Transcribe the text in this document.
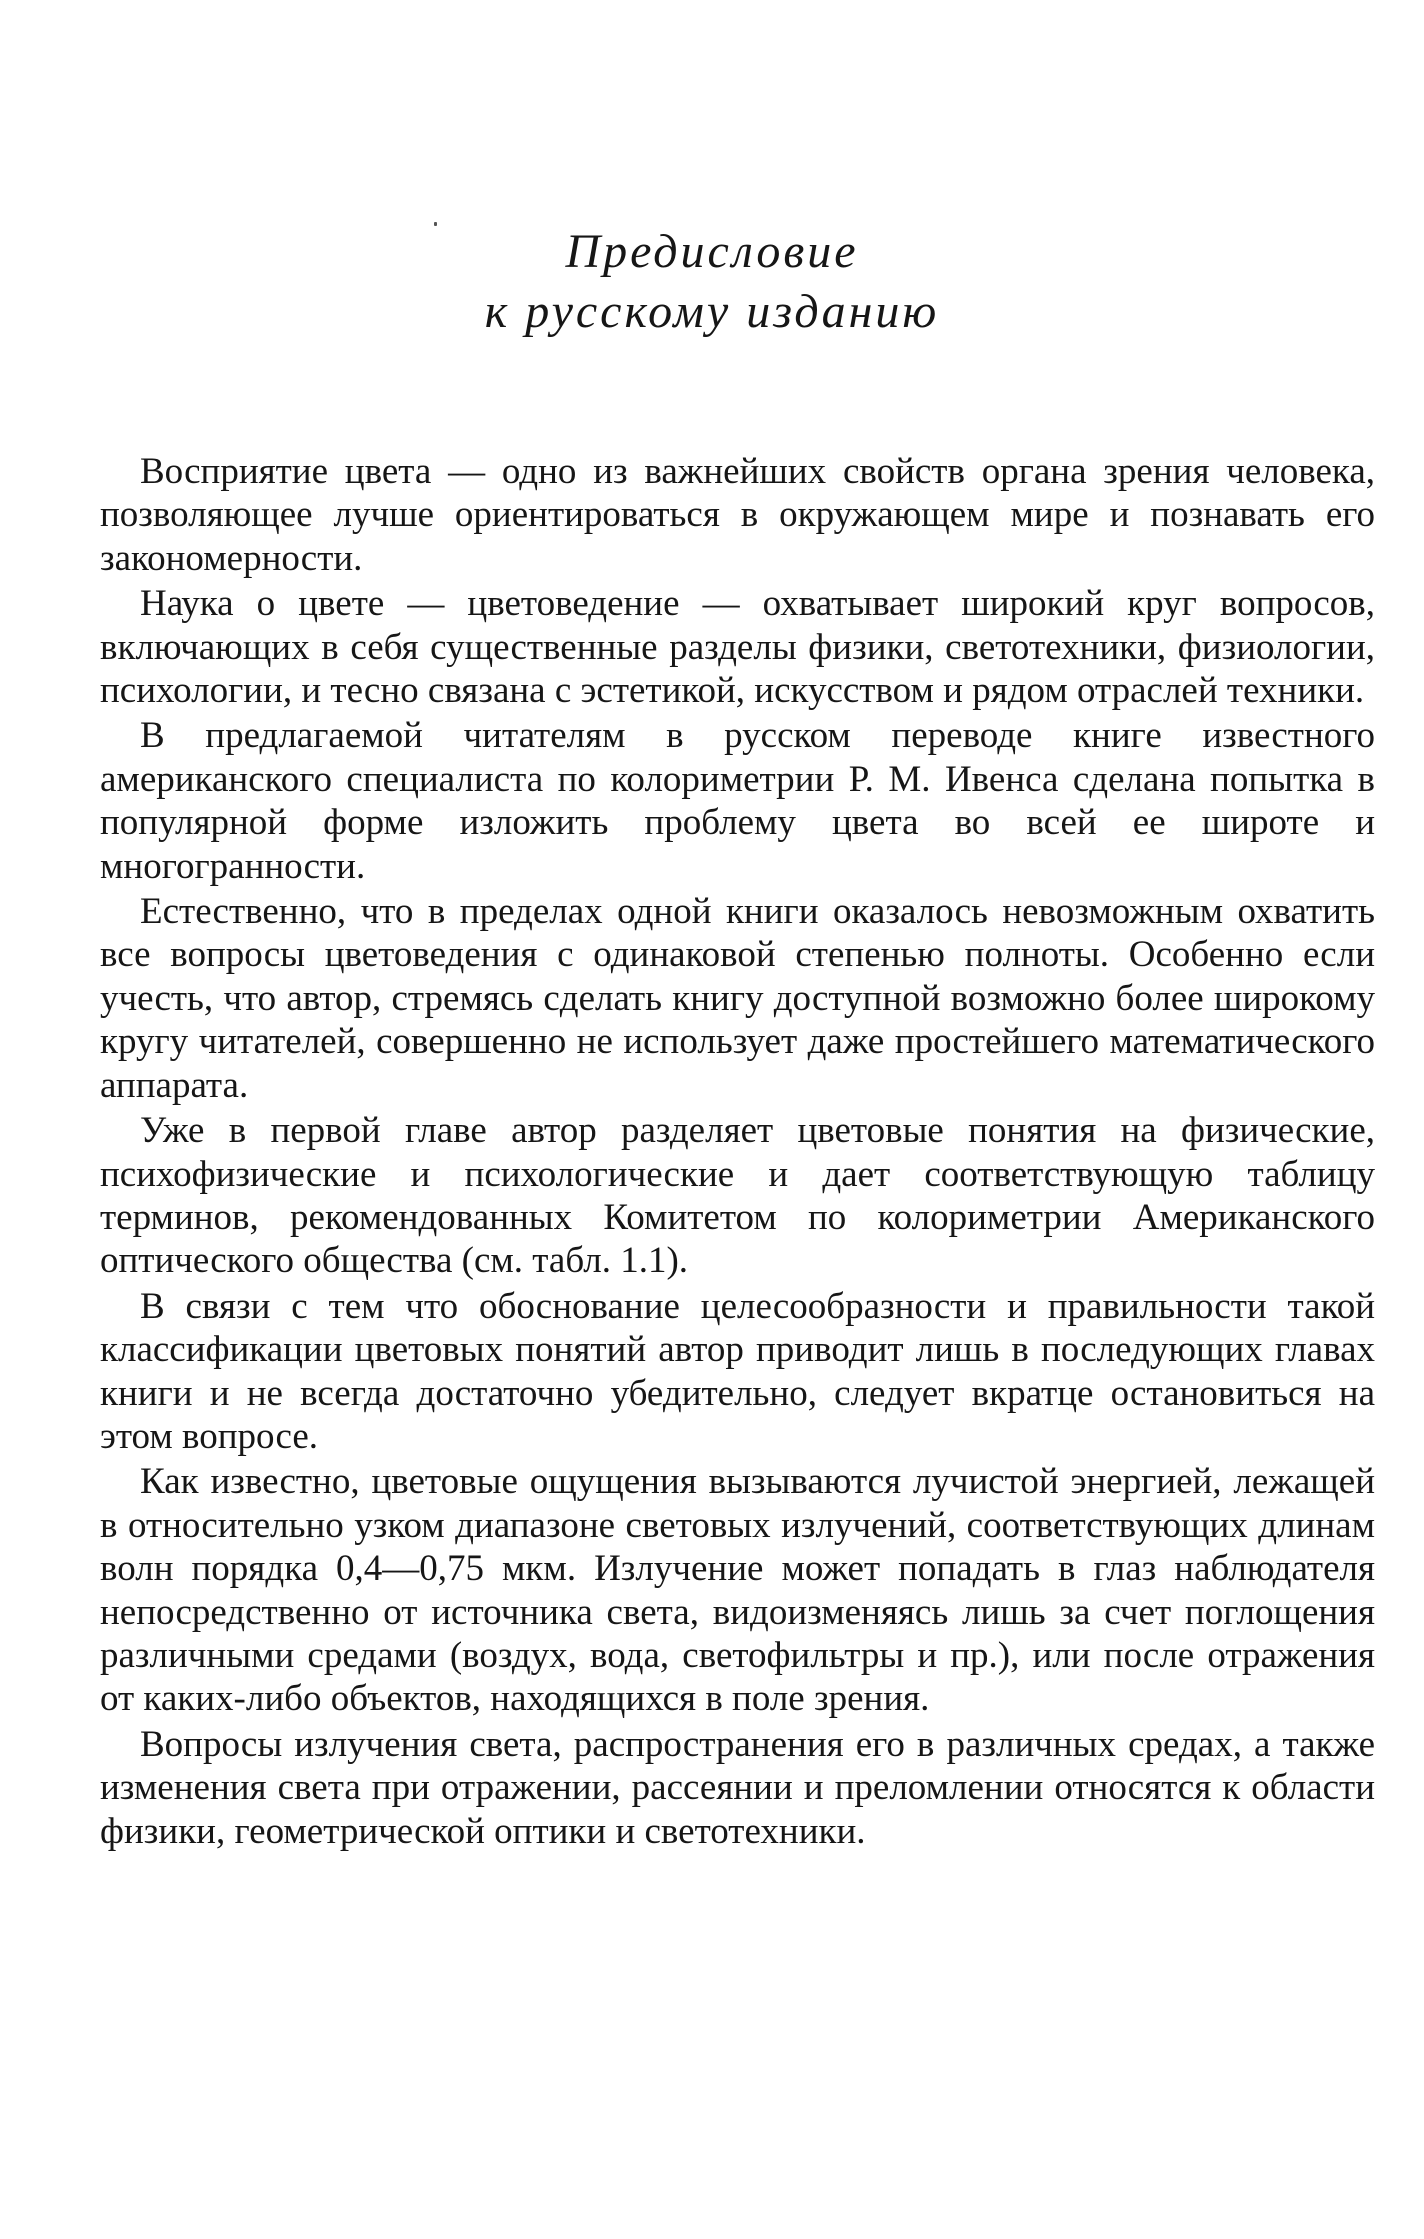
Предисловие
к русскому изданию

Восприятие цвета — одно из важнейших свойств органа зрения человека, позволяющее лучше ориентироваться в окружающем мире и познавать его закономерности.

Наука о цвете — цветоведение — охватывает широкий круг вопросов, включающих в себя существенные разделы физики, светотехники, физиологии, психологии, и тесно связана с эстетикой, искусством и рядом отраслей техники.

В предлагаемой читателям в русском переводе книге известного американского специалиста по колориметрии Р. М. Ивенса сделана попытка в популярной форме изложить проблему цвета во всей ее широте и многогранности.

Естественно, что в пределах одной книги оказалось невозможным охватить все вопросы цветоведения с одинаковой степенью полноты. Особенно если учесть, что автор, стремясь сделать книгу доступной возможно более широкому кругу читателей, совершенно не использует даже простейшего математического аппарата.

Уже в первой главе автор разделяет цветовые понятия на физические, психофизические и психологические и дает соответствующую таблицу терминов, рекомендованных Комитетом по колориметрии Американского оптического общества (см. табл. 1.1).

В связи с тем что обоснование целесообразности и правильности такой классификации цветовых понятий автор приводит лишь в последующих главах книги и не всегда достаточно убедительно, следует вкратце остановиться на этом вопросе.

Как известно, цветовые ощущения вызываются лучистой энергией, лежащей в относительно узком диапазоне световых излучений, соответствующих длинам волн порядка 0,4—0,75 мкм. Излучение может попадать в глаз наблюдателя непосредственно от источника света, видоизменяясь лишь за счет поглощения различными средами (воздух, вода, светофильтры и пр.), или после отражения от каких-либо объектов, находящихся в поле зрения.

Вопросы излучения света, распространения его в различных средах, а также изменения света при отражении, рассеянии и преломлении относятся к области физики, геометрической оптики и светотехники.
